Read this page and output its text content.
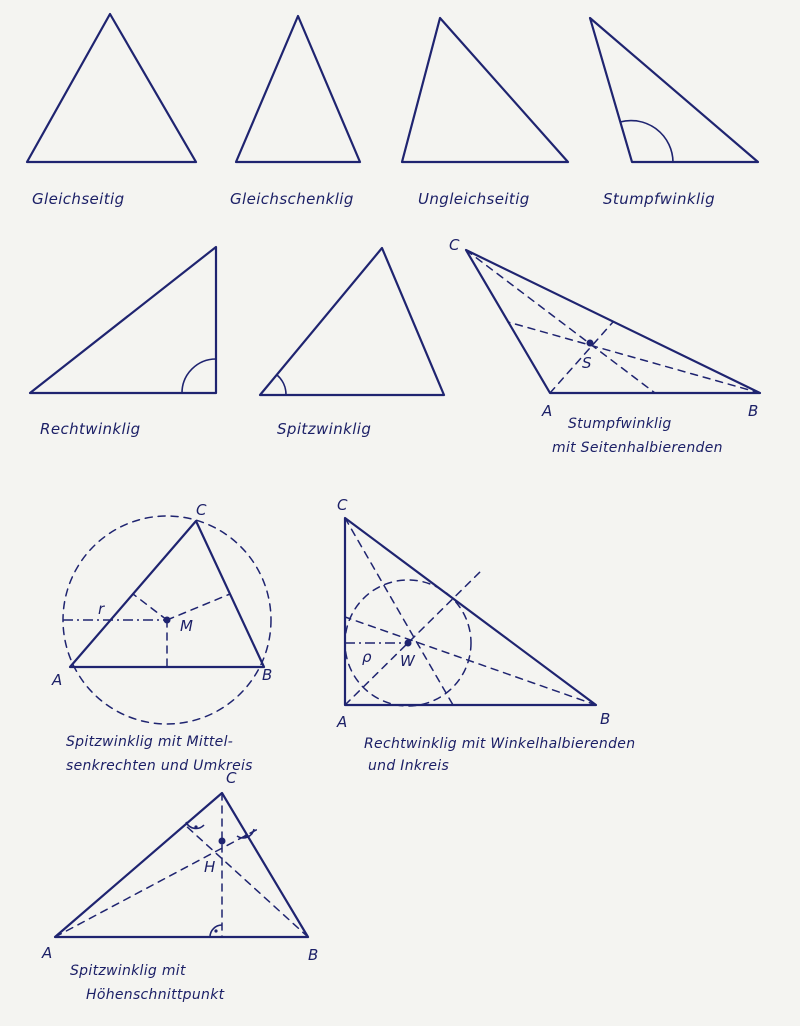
Gleichseitig	Gleichschenklig	Ungleichseitig	Stumpfwinklig
Rechtwinklig	Spitzwinklig
C
A	B
S
Stumpfwinklig
mit Seitenhalbierenden
C
A	B
M
r
Spitzwinklig mit Mittel-
senkrechten und Umkreis
C
A	B
W
ρ
Rechtwinklig mit Winkelhalbierenden
und Inkreis
C
A	B
H
Spitzwinklig mit
Höhenschnittpunkt
